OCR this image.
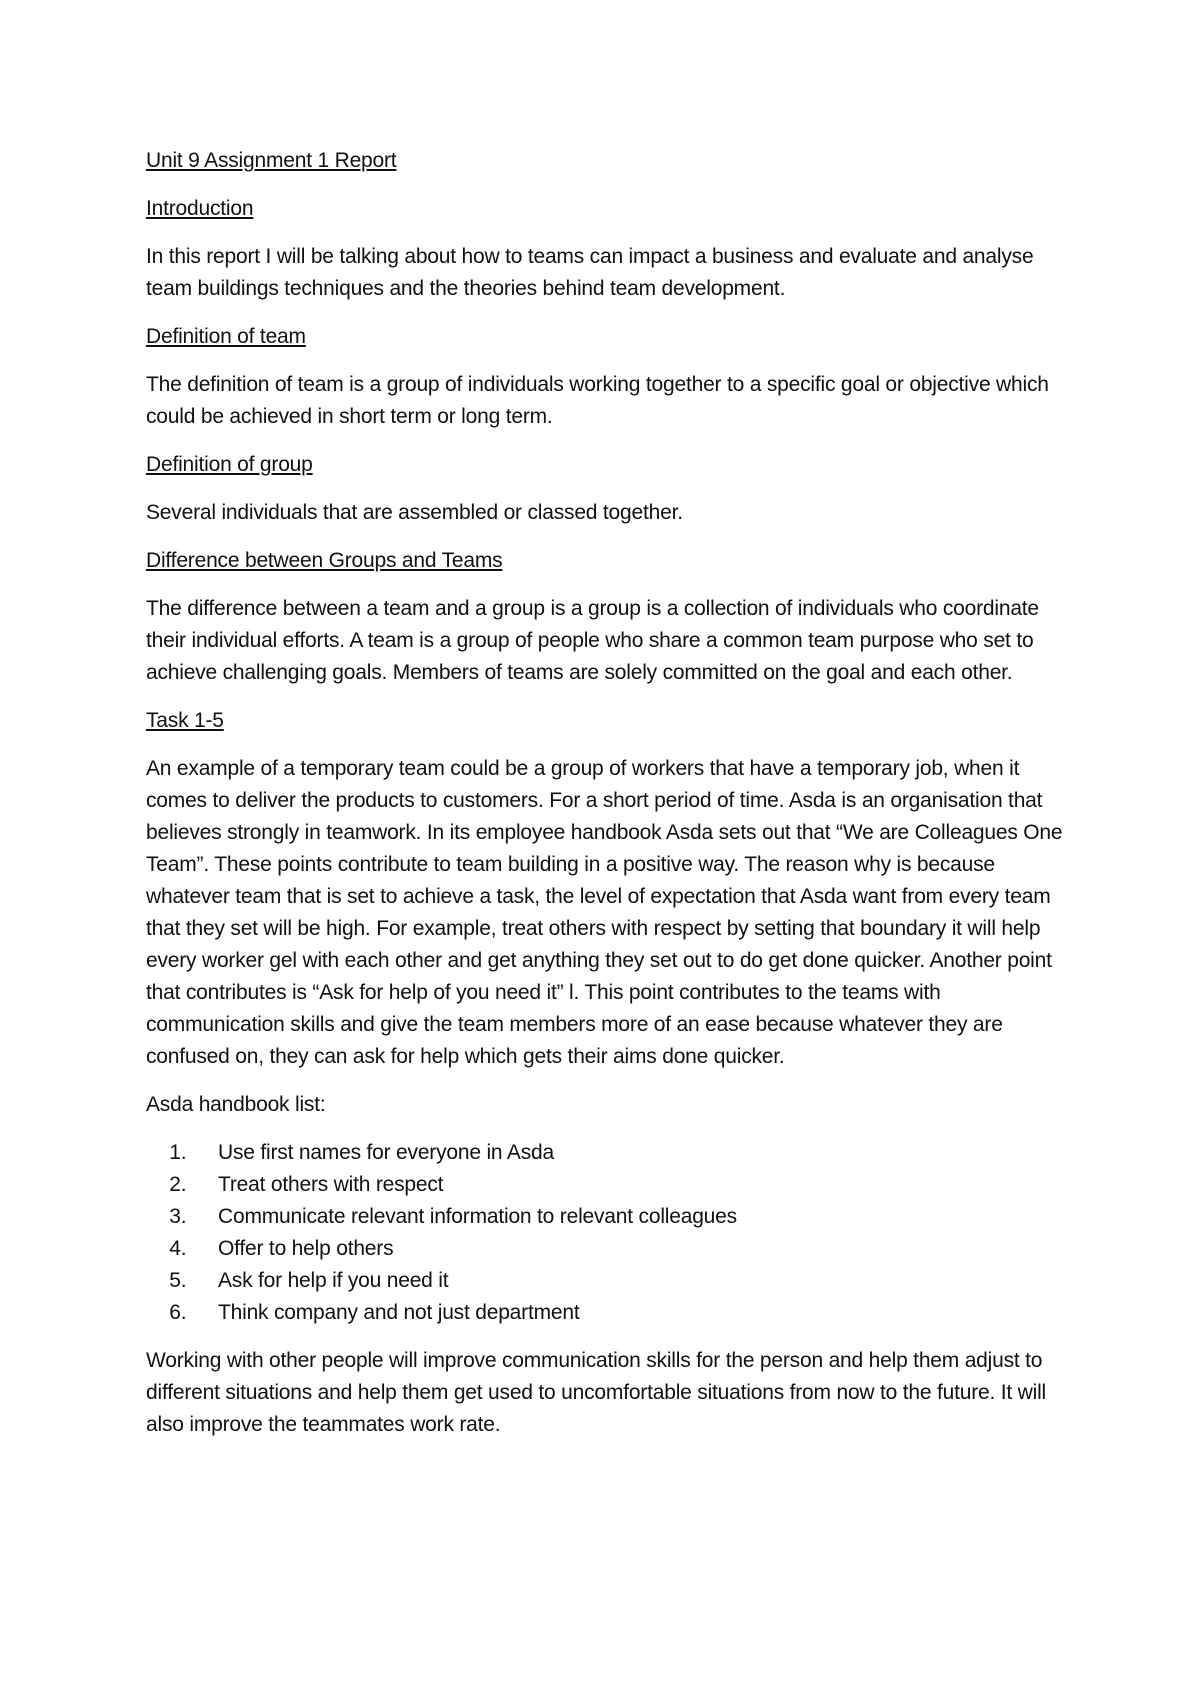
Unit 9 Assignment 1 Report

Introduction

In this report I will be talking about how to teams can impact a business and evaluate and analyse team buildings techniques and the theories behind team development.

Definition of team

The definition of team is a group of individuals working together to a specific goal or objective which could be achieved in short term or long term.

Definition of group

Several individuals that are assembled or classed together.

Difference between Groups and Teams

The difference between a team and a group is a group is a collection of individuals who coordinate their individual efforts. A team is a group of people who share a common team purpose who set to achieve challenging goals. Members of teams are solely committed on the goal and each other.

Task 1-5

An example of a temporary team could be a group of workers that have a temporary job, when it comes to deliver the products to customers. For a short period of time. Asda is an organisation that believes strongly in teamwork. In its employee handbook Asda sets out that “We are Colleagues One Team”. These points contribute to team building in a positive way. The reason why is because whatever team that is set to achieve a task, the level of expectation that Asda want from every team that they set will be high. For example, treat others with respect by setting that boundary it will help every worker gel with each other and get anything they set out to do get done quicker. Another point that contributes is “Ask for help of you need it” l. This point contributes to the teams with communication skills and give the team members more of an ease because whatever they are confused on, they can ask for help which gets their aims done quicker.

Asda handbook list:

1. Use first names for everyone in Asda
2. Treat others with respect
3. Communicate relevant information to relevant colleagues
4. Offer to help others
5. Ask for help if you need it
6. Think company and not just department

Working with other people will improve communication skills for the person and help them adjust to different situations and help them get used to uncomfortable situations from now to the future. It will also improve the teammates work rate.
